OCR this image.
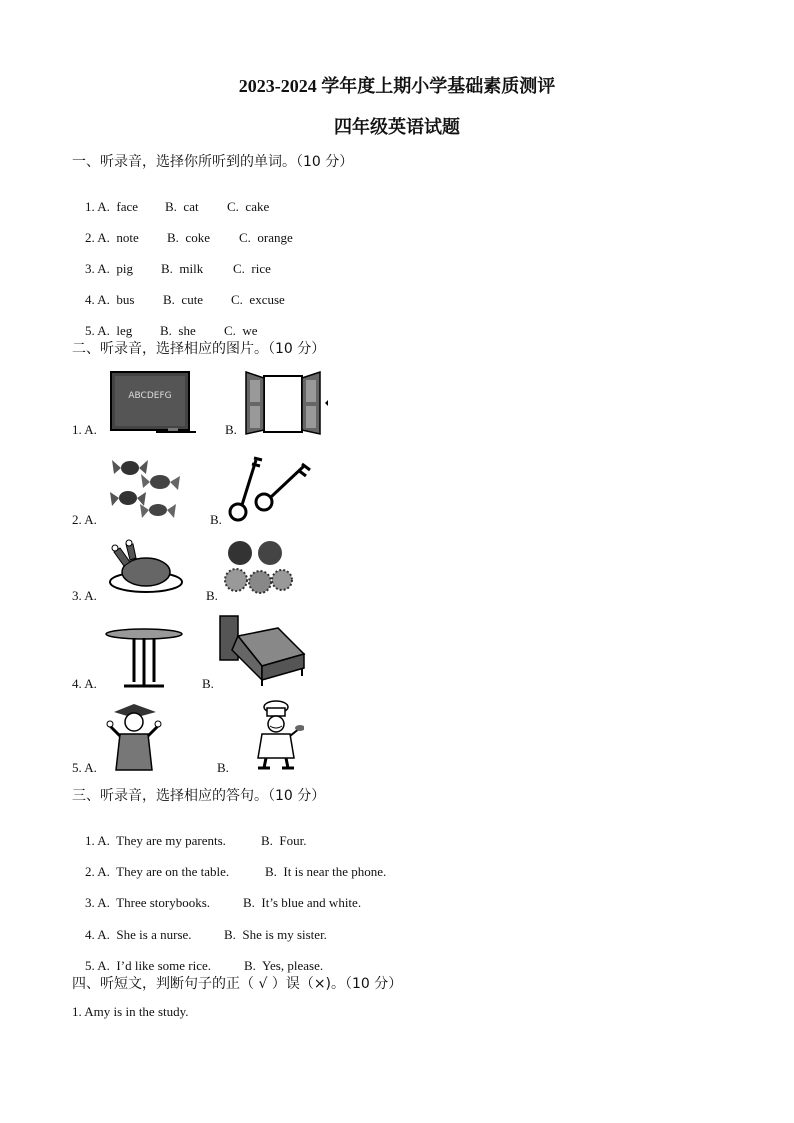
2023-2024 学年度上期小学基础素质测评
四年级英语试题
一、听录音，选择你所听到的单词。（10 分）

1. A.  face B.  cat C.  cake

2. A.  note B.  coke C.  orange

3. A.  pig B.  milk C.  rice

4. A.  bus B.  cute C.  excuse

5. A.  leg B.  she C.  we

二、听录音，选择相应的图片。（10 分）
1. A.
ABCDEFG
B.
2. A.	B.
3. A.	B.
4. A.	B.
5. A.	B.
三、听录音，选择相应的答句。（10 分）

1. A.  They are my parents.	B.  Four.

2. A.  They are on the table.	B.  It is near the phone.

3. A.  Three storybooks.	B.  It’s blue and white.

4. A.  She is a nurse. B.  She is my sister.

5. A.  I’d like some rice.	B.  Yes, please.

四、听短文，判断句子的正（ √ ）误（×)。（10 分）
1. Amy is in the study.
